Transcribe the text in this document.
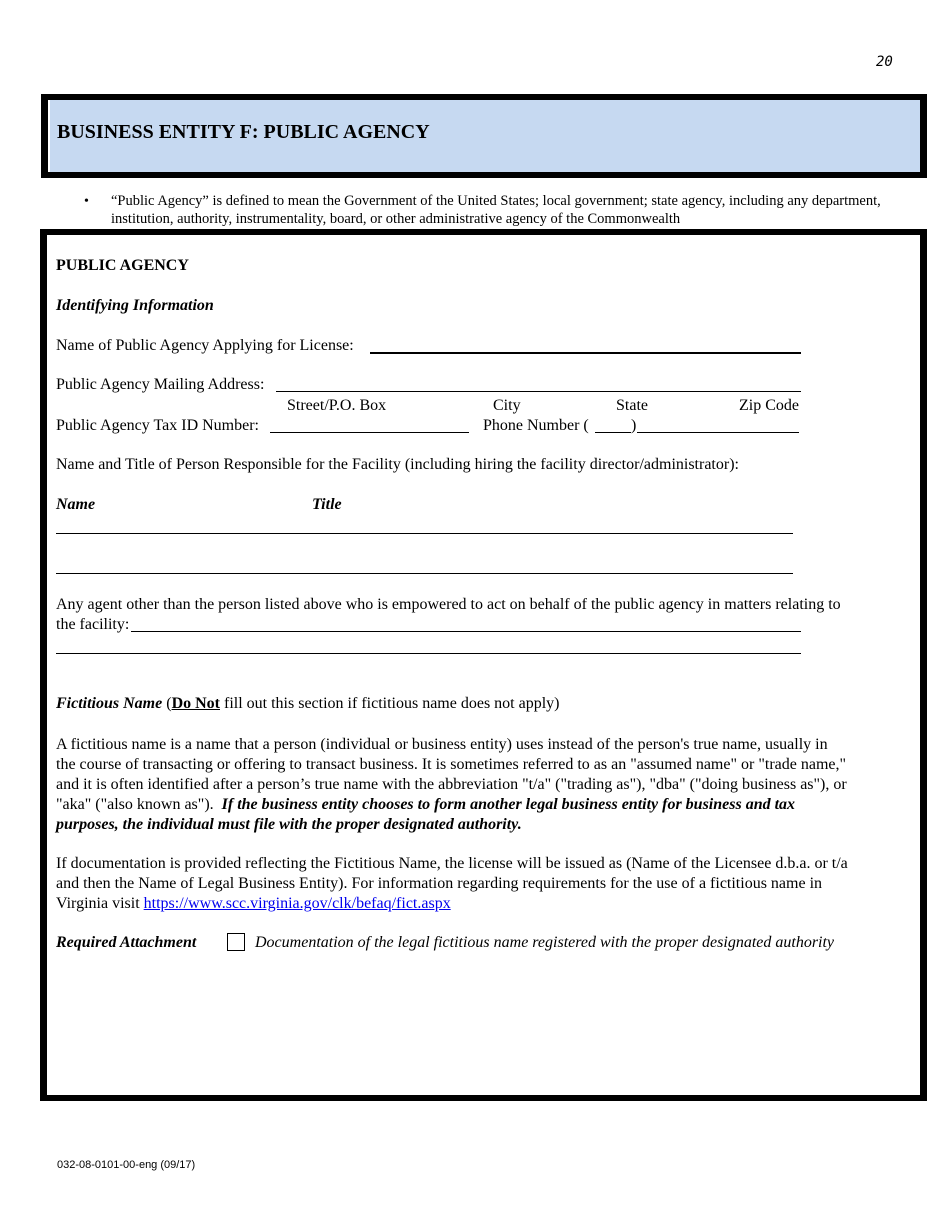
20
BUSINESS ENTITY F: PUBLIC AGENCY
• “Public Agency” is defined to mean the Government of the United States; local government; state agency, including any department, institution, authority, instrumentality, board, or other administrative agency of the Commonwealth
PUBLIC AGENCY
Identifying Information
Name of Public Agency Applying for License:
Public Agency Mailing Address:
Street/P.O. Box	City	State	Zip Code
Public Agency Tax ID Number:	Phone Number (	)
Name and Title of Person Responsible for the Facility (including hiring the facility director/administrator):
Name	Title
Any agent other than the person listed above who is empowered to act on behalf of the public agency in matters relating to
the facility:
Fictitious Name (Do Not fill out this section if fictitious name does not apply)
A fictitious name is a name that a person (individual or business entity) uses instead of the person's true name, usually in
the course of transacting or offering to transact business. It is sometimes referred to as an "assumed name" or "trade name,"
and it is often identified after a person’s true name with the abbreviation "t/a" ("trading as"), "dba" ("doing business as"), or
"aka" ("also known as").  If the business entity chooses to form another legal business entity for business and tax
purposes, the individual must file with the proper designated authority.
If documentation is provided reflecting the Fictitious Name, the license will be issued as (Name of the Licensee d.b.a. or t/a
and then the Name of Legal Business Entity). For information regarding requirements for the use of a fictitious name in
Virginia visit https://www.scc.virginia.gov/clk/befaq/fict.aspx
Required Attachment	Documentation of the legal fictitious name registered with the proper designated authority
032-08-0101-00-eng (09/17)
